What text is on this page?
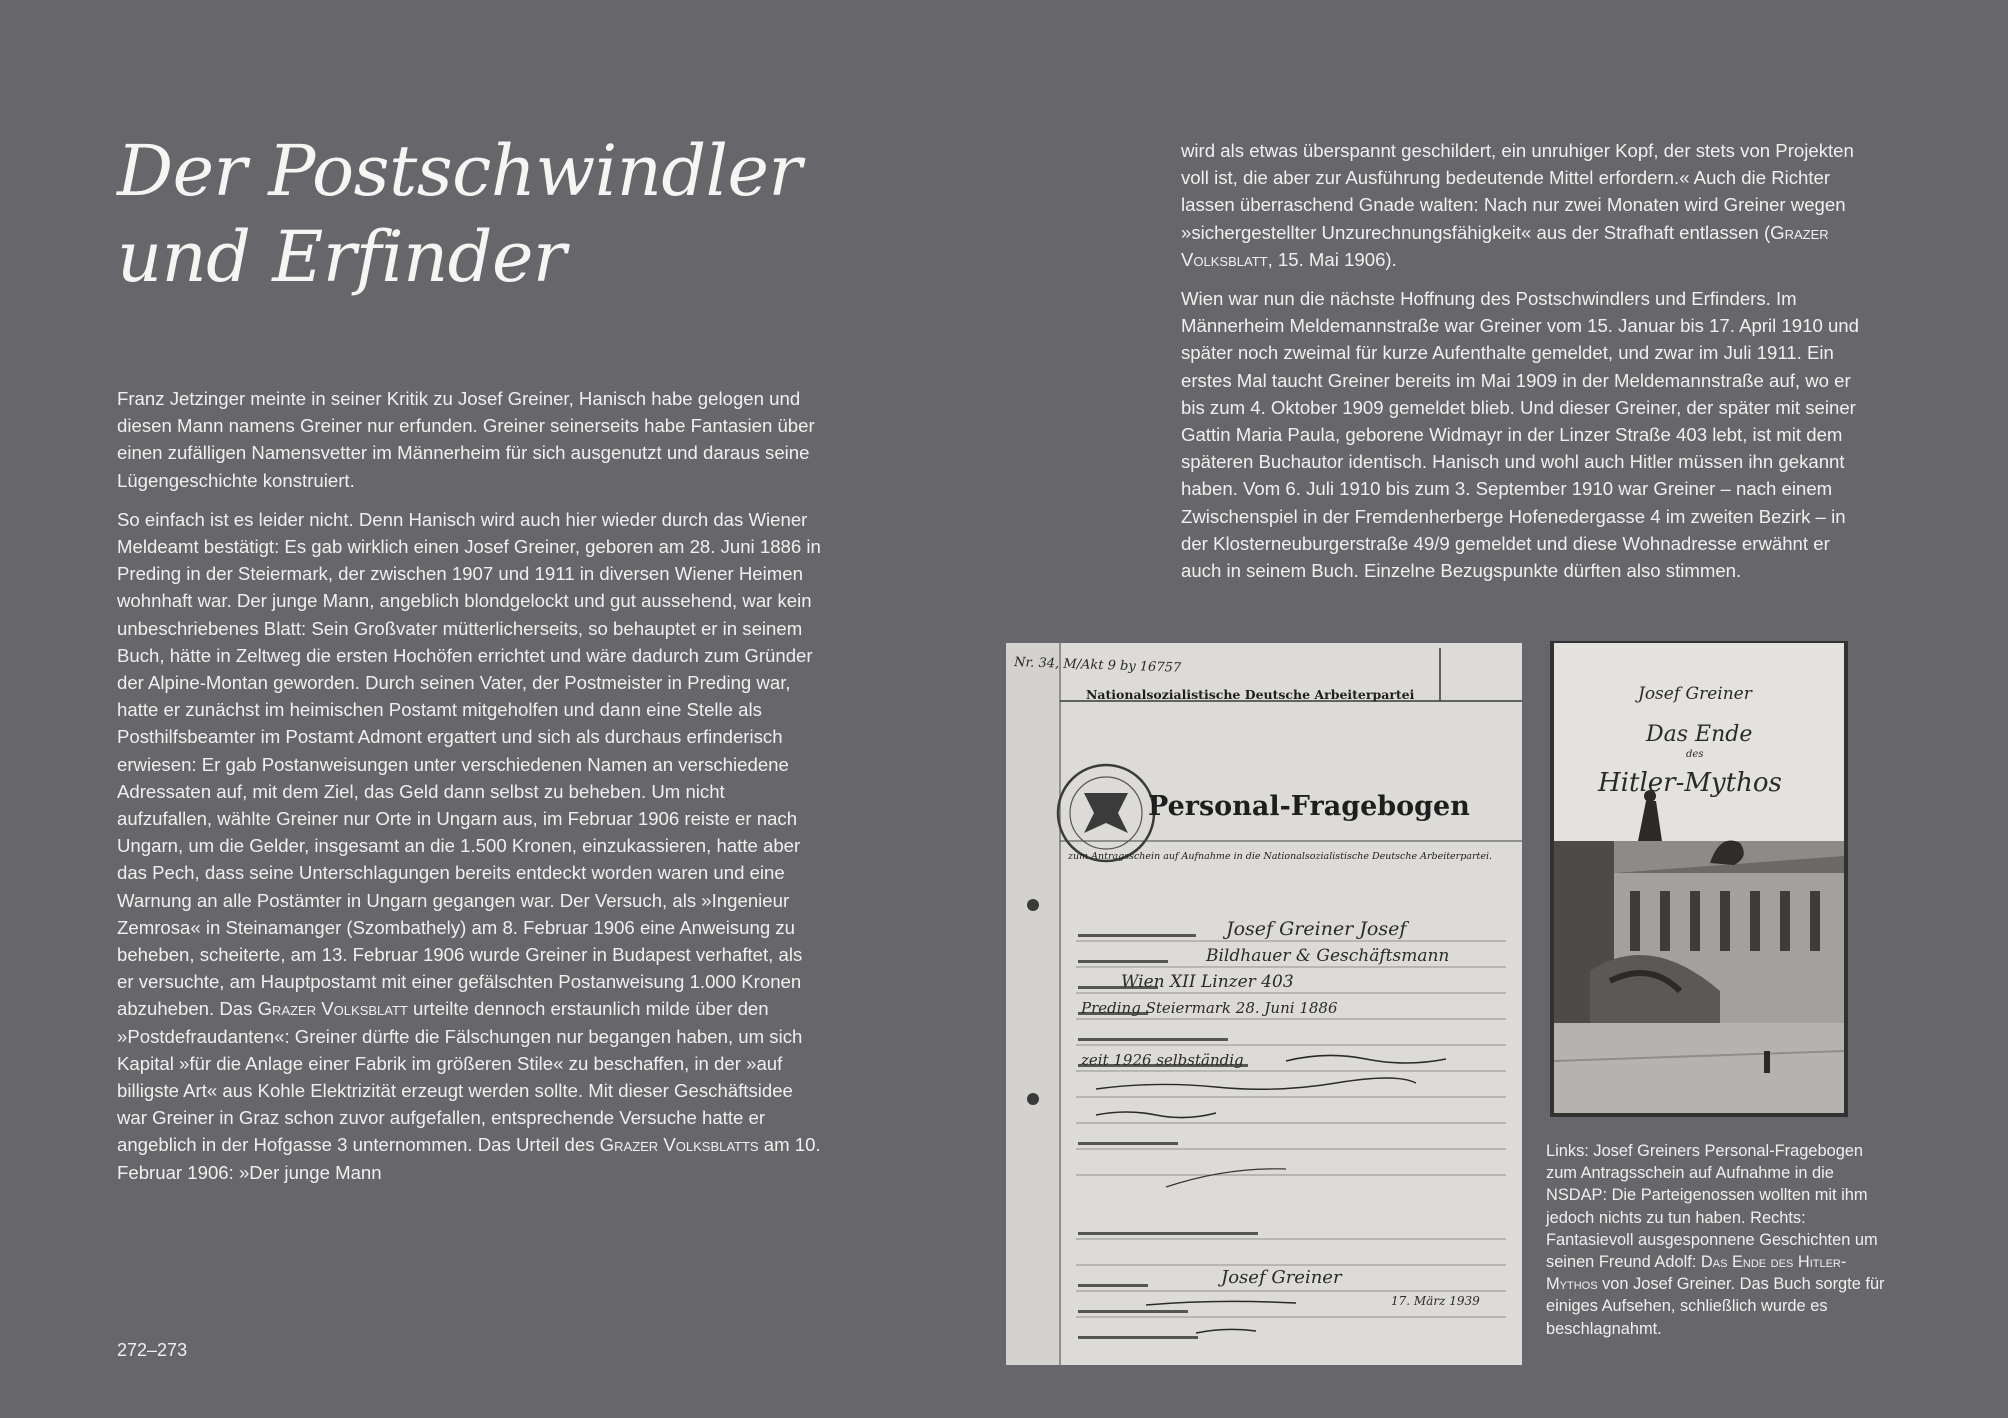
Der Postschwindler
und Erfinder

Franz Jetzinger meinte in seiner Kritik zu Josef Greiner, Hanisch habe gelogen und diesen Mann namens Greiner nur erfunden. Greiner seinerseits habe Fantasien über einen zufälligen Namensvetter im Männerheim für sich ausgenutzt und daraus seine Lügengeschichte konstruiert.

So einfach ist es leider nicht. Denn Hanisch wird auch hier wieder durch das Wiener Meldeamt bestätigt: Es gab wirklich einen Josef Greiner, geboren am 28. Juni 1886 in Preding in der Steiermark, der zwischen 1907 und 1911 in diversen Wiener Heimen wohnhaft war. Der junge Mann, angeblich blondgelockt und gut aussehend, war kein unbeschriebenes Blatt: Sein Großvater mütterlicherseits, so behauptet er in seinem Buch, hätte in Zeltweg die ersten Hochöfen errichtet und wäre dadurch zum Gründer der Alpine-Montan geworden. Durch seinen Vater, der Postmeister in Preding war, hatte er zunächst im heimischen Postamt mitgeholfen und dann eine Stelle als Posthilfsbeamter im Postamt Admont ergattert und sich als durchaus erfinderisch erwiesen: Er gab Postanweisungen unter verschiedenen Namen an verschiedene Adressaten auf, mit dem Ziel, das Geld dann selbst zu beheben. Um nicht aufzufallen, wählte Greiner nur Orte in Ungarn aus, im Februar 1906 reiste er nach Ungarn, um die Gelder, insgesamt an die 1.500 Kronen, einzukassieren, hatte aber das Pech, dass seine Unterschlagungen bereits entdeckt worden waren und eine Warnung an alle Postämter in Ungarn gegangen war. Der Versuch, als »Ingenieur Zemrosa« in Steinamanger (Szombathely) am 8. Februar 1906 eine Anweisung zu beheben, scheiterte, am 13. Februar 1906 wurde Greiner in Budapest verhaftet, als er versuchte, am Hauptpostamt mit einer gefälschten Postanweisung 1.000 Kronen abzuheben. Das Grazer Volksblatt urteilte dennoch erstaunlich milde über den »Postdefraudanten«: Greiner dürfte die Fälschungen nur begangen haben, um sich Kapital »für die Anlage einer Fabrik im größeren Stile« zu beschaffen, in der »auf billigste Art« aus Kohle Elektrizität erzeugt werden sollte. Mit dieser Geschäftsidee war Greiner in Graz schon zuvor aufgefallen, entsprechende Versuche hatte er angeblich in der Hofgasse 3 unternommen. Das Urteil des Grazer Volksblatts am 10. Februar 1906: »Der junge Mann

wird als etwas überspannt geschildert, ein unruhiger Kopf, der stets von Projekten voll ist, die aber zur Ausführung bedeutende Mittel erfordern.« Auch die Richter lassen überraschend Gnade walten: Nach nur zwei Monaten wird Greiner wegen »sichergestellter Unzurechnungsfähigkeit« aus der Strafhaft entlassen (Grazer Volksblatt, 15. Mai 1906).

Wien war nun die nächste Hoffnung des Postschwindlers und Erfinders. Im Männerheim Meldemannstraße war Greiner vom 15. Januar bis 17. April 1910 und später noch zweimal für kurze Aufenthalte gemeldet, und zwar im Juli 1911. Ein erstes Mal taucht Greiner bereits im Mai 1909 in der Meldemannstraße auf, wo er bis zum 4. Oktober 1909 gemeldet blieb. Und dieser Greiner, der später mit seiner Gattin Maria Paula, geborene Widmayr in der Linzer Straße 403 lebt, ist mit dem späteren Buchautor identisch. Hanisch und wohl auch Hitler müssen ihn gekannt haben. Vom 6. Juli 1910 bis zum 3. September 1910 war Greiner – nach einem Zwischenspiel in der Fremdenherberge Hofenedergasse 4 im zweiten Bezirk – in der Klosterneuburgerstraße 49/9 gemeldet und diese Wohnadresse erwähnt er auch in seinem Buch. Einzelne Bezugspunkte dürften also stimmen.

Nr. 34, M/Akt 9 by 16757
Nationalsozialistische Deutsche Arbeiterpartei
Personal-Fragebogen
zum Antragsschein auf Aufnahme in die Nationalsozialistische Deutsche Arbeiterpartei.
Josef Greiner Josef
Bildhauer & Geschäftsmann
Wien XII Linzer 403
Preding Steiermark 28. Juni 1886
zeit 1926 selbständig
Josef Greiner
17. März 1939
Josef Greiner
Das Ende
des
Hitler-Mythos
Links: Josef Greiners Personal-Fragebogen zum Antragsschein auf Aufnahme in die NSDAP: Die Parteigenossen wollten mit ihm jedoch nichts zu tun haben. Rechts: Fantasievoll ausgesponnene Geschichten um seinen Freund Adolf: Das Ende des Hitler-Mythos von Josef Greiner. Das Buch sorgte für einiges Aufsehen, schließlich wurde es beschlagnahmt.
272–273
